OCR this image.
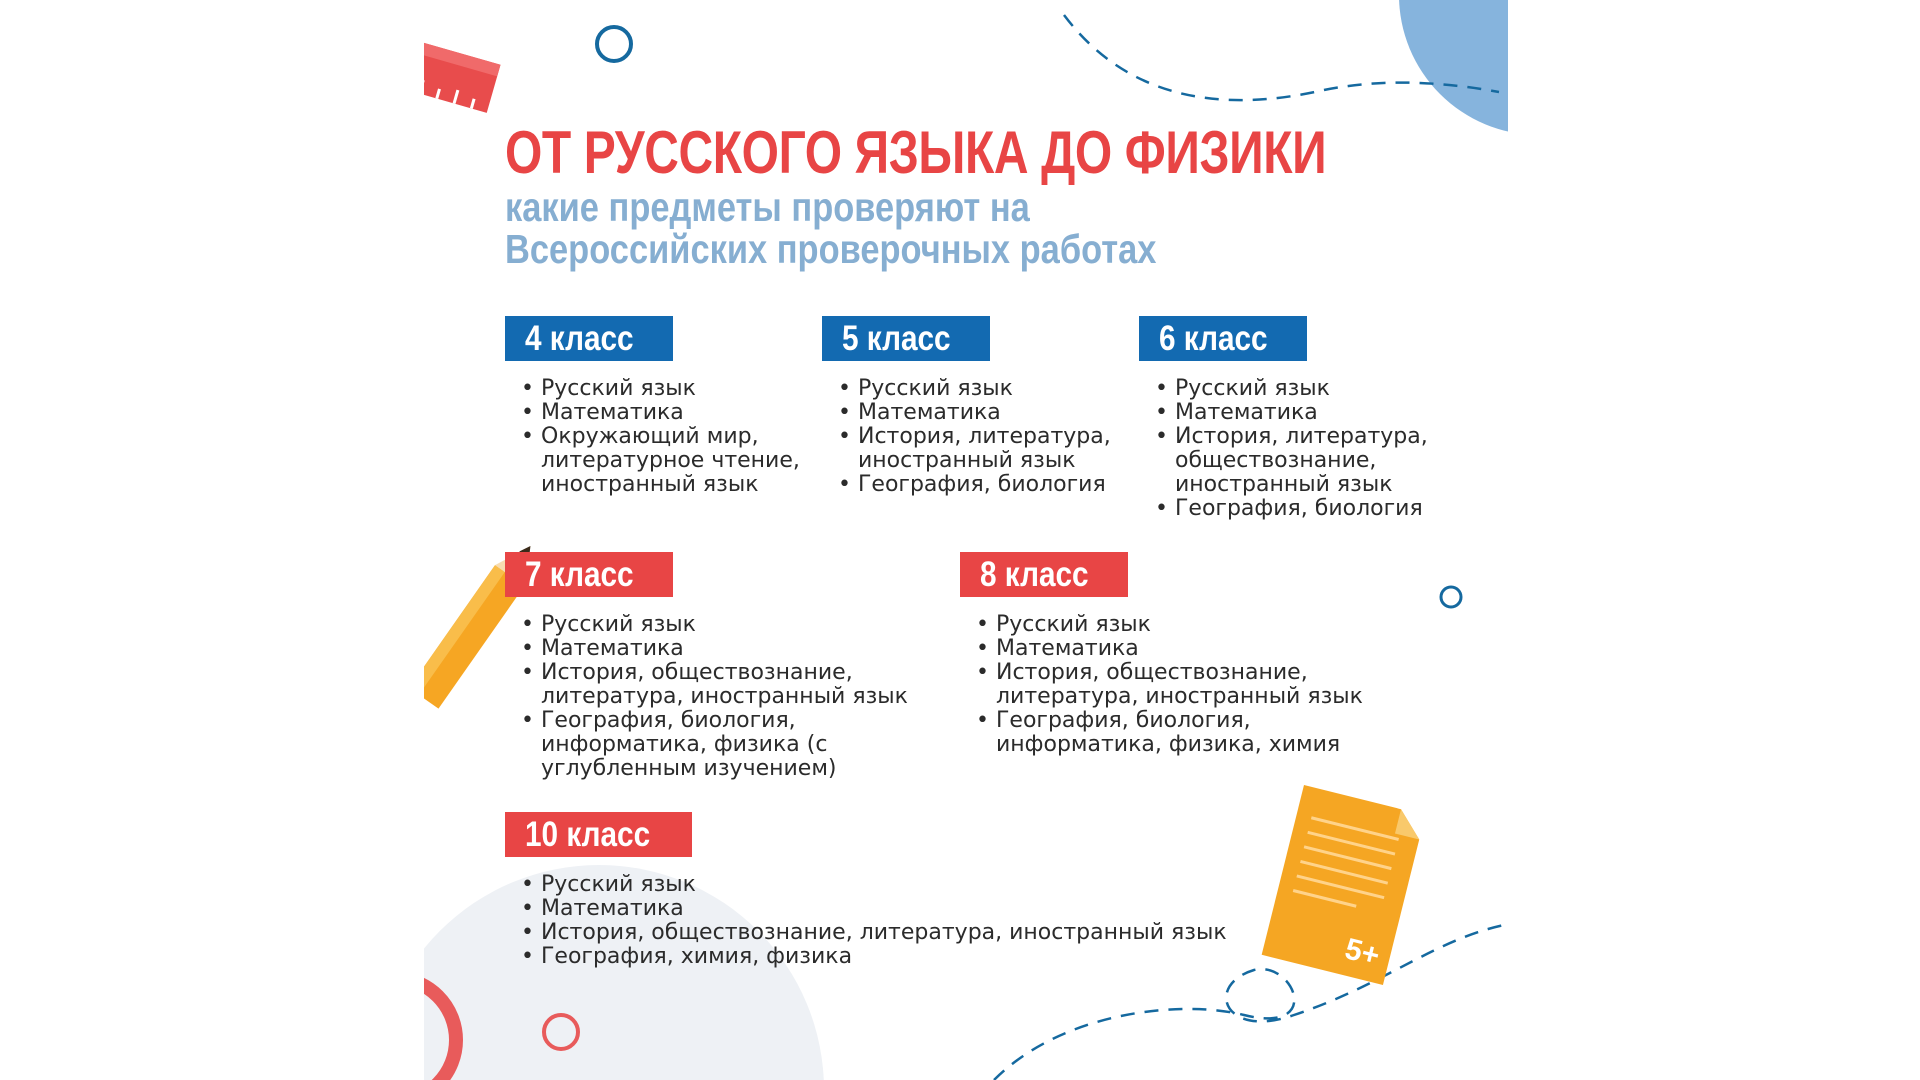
5+
ОТ РУССКОГО ЯЗЫКА ДО ФИЗИКИ
какие предметы проверяют на Всероссийских проверочных работах
4 класс
• Русский язык
• Математика
• Окружающий мир, литературное чтение, иностранный язык
5 класс
• Русский язык
• Математика
• История, литература, иностранный язык
• География, биология
6 класс
• Русский язык
• Математика
• История, литература, обществознание, иностранный язык
• География, биология
7 класс
• Русский язык
• Математика
• История, обществознание, литература, иностранный язык
• География, биология, информатика, физика (с углубленным изучением)
8 класс
• Русский язык
• Математика
• История, обществознание, литература, иностранный язык
• География, биология, информатика, физика, химия
10 класс
• Русский язык
• Математика
• История, обществознание, литература, иностранный язык
• География, химия, физика
